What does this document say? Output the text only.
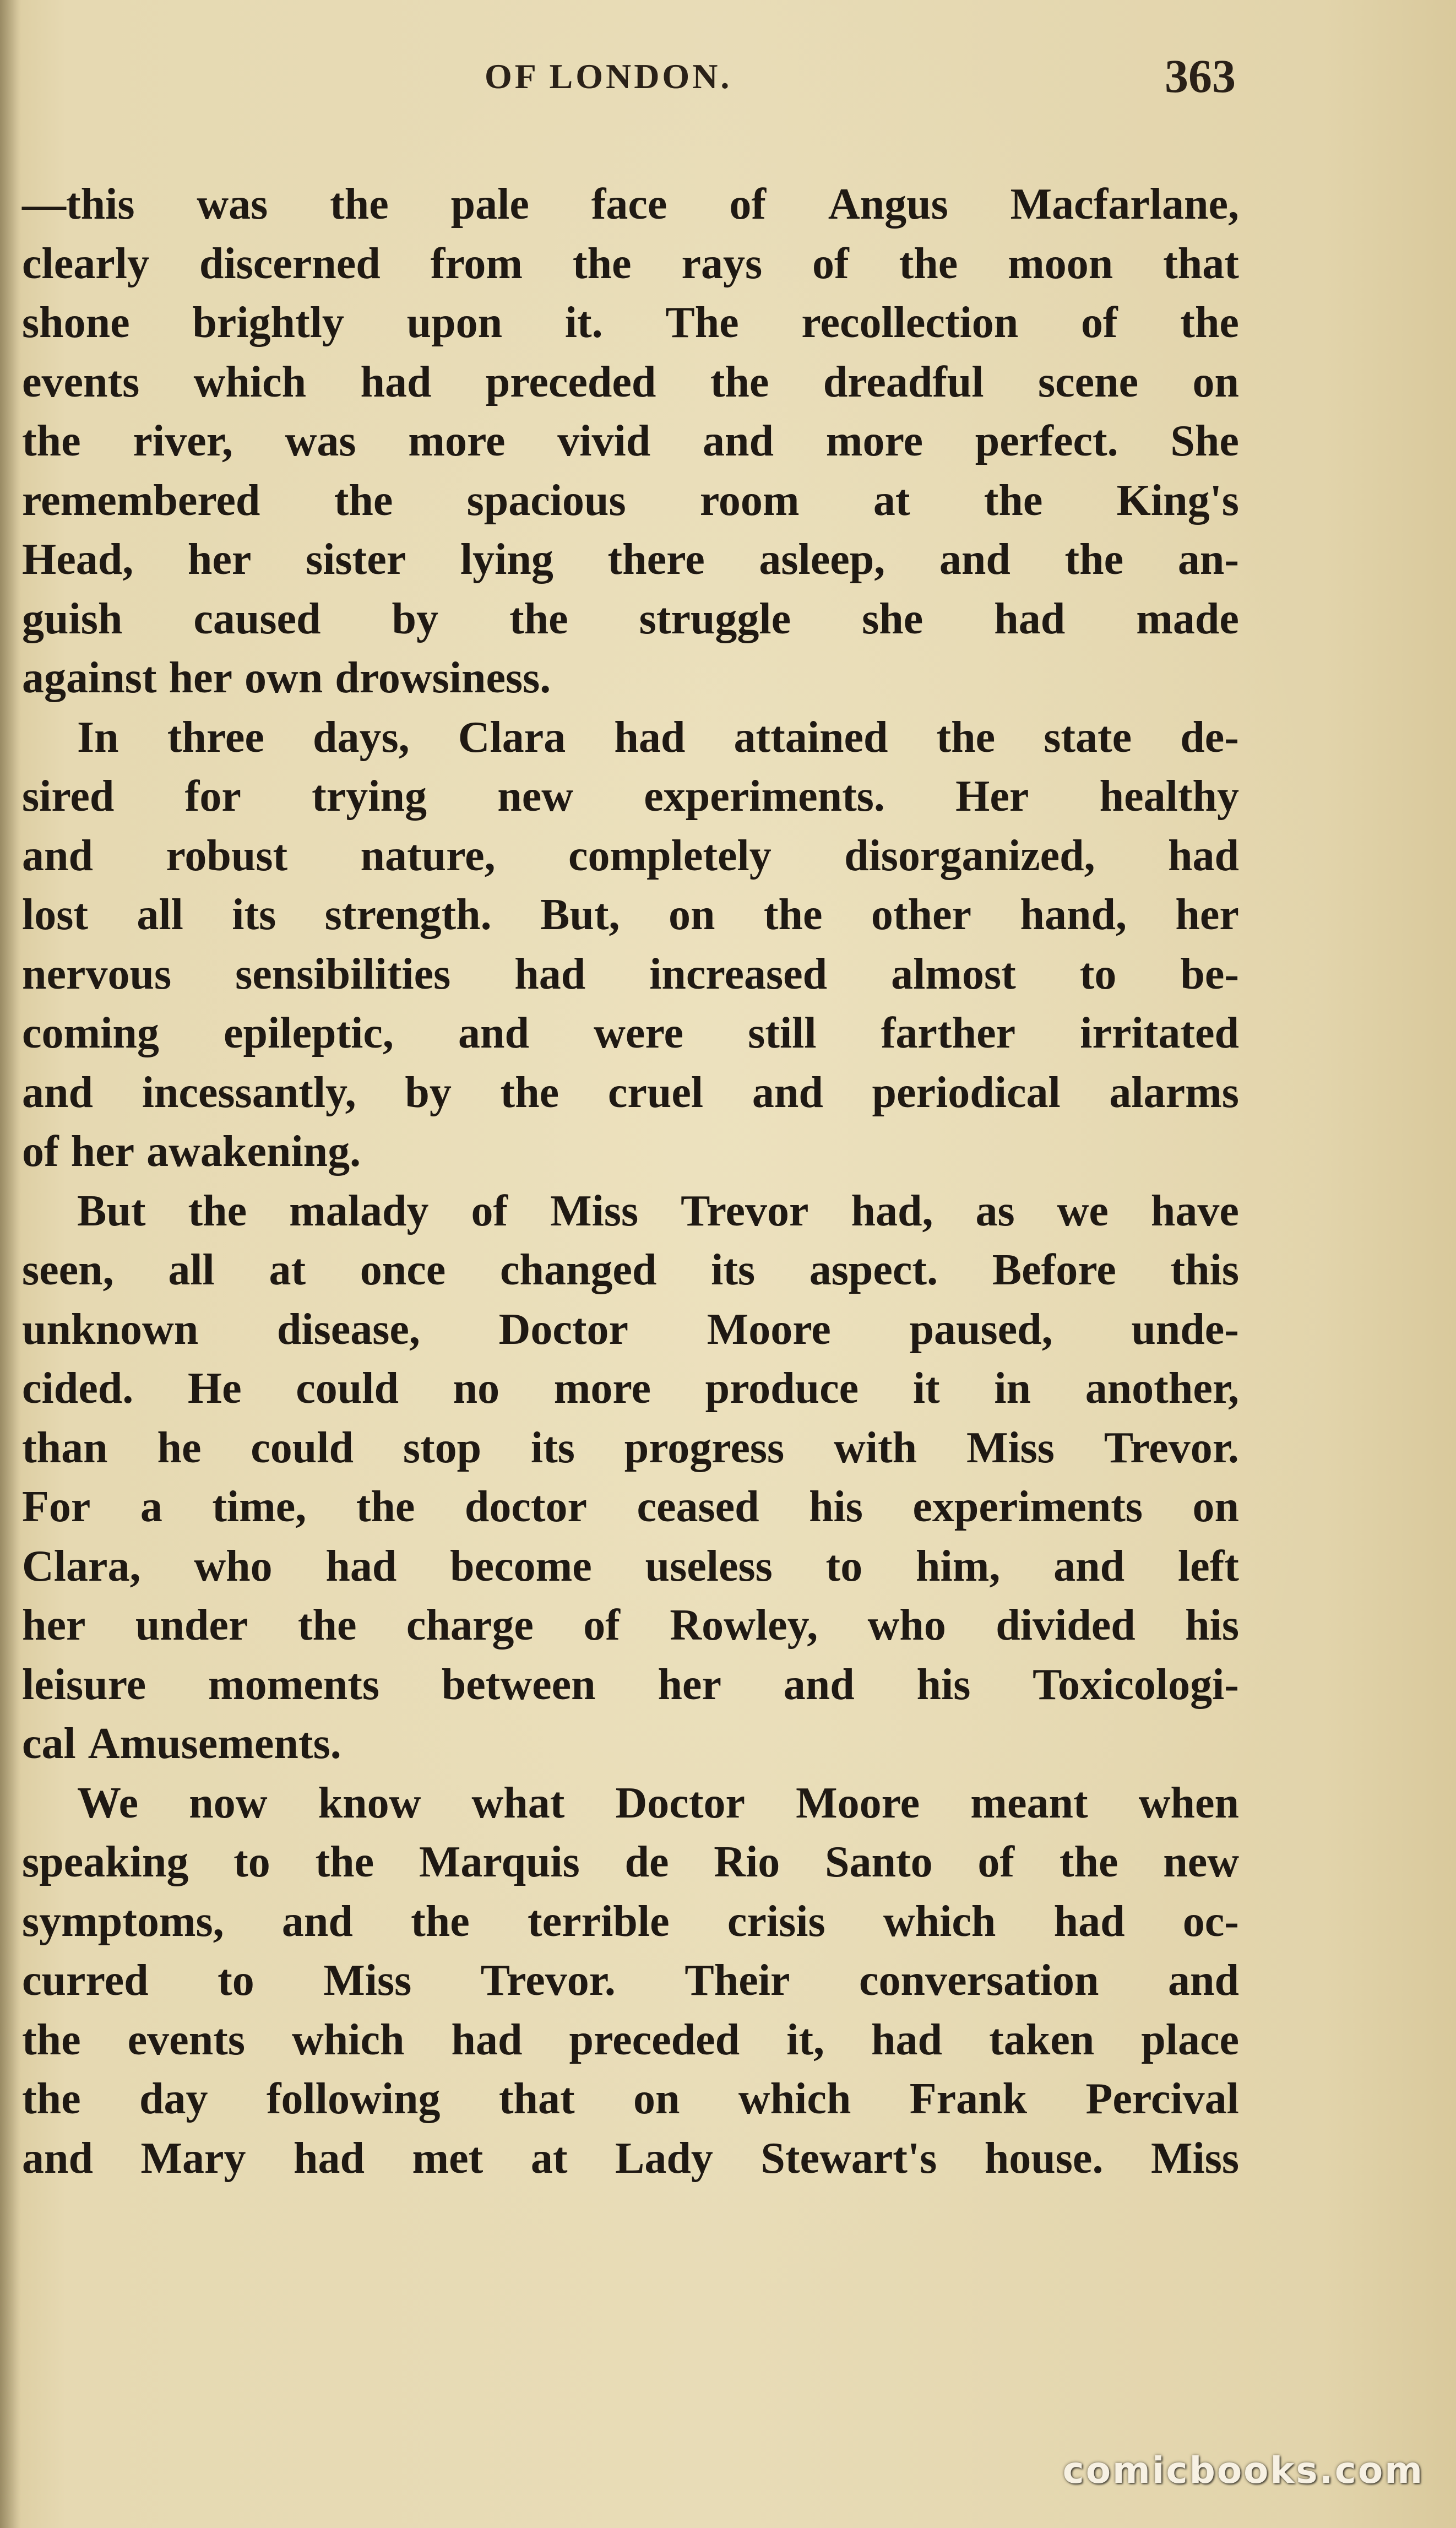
OF LONDON.	363
—this was the pale face of Angus Macfarlane,
clearly discerned from the rays of the moon that
shone brightly upon it. The recollection of the
events which had preceded the dreadful scene on
the river, was more vivid and more perfect. She
remembered the spacious room at the King's
Head, her sister lying there asleep, and the an-
guish caused by the struggle she had made
against her own drowsiness.
In three days, Clara had attained the state de-
sired for trying new experiments. Her healthy
and robust nature, completely disorganized, had
lost all its strength. But, on the other hand, her
nervous sensibilities had increased almost to be-
coming epileptic, and were still farther irritated
and incessantly, by the cruel and periodical alarms
of her awakening.
But the malady of Miss Trevor had, as we have
seen, all at once changed its aspect. Before this
unknown disease, Doctor Moore paused, unde-
cided. He could no more produce it in another,
than he could stop its progress with Miss Trevor.
For a time, the doctor ceased his experiments on
Clara, who had become useless to him, and left
her under the charge of Rowley, who divided his
leisure moments between her and his Toxicologi-
cal Amusements.
We now know what Doctor Moore meant when
speaking to the Marquis de Rio Santo of the new
symptoms, and the terrible crisis which had oc-
curred to Miss Trevor. Their conversation and
the events which had preceded it, had taken place
the day following that on which Frank Percival
and Mary had met at Lady Stewart's house. Miss
comicbooks.com
